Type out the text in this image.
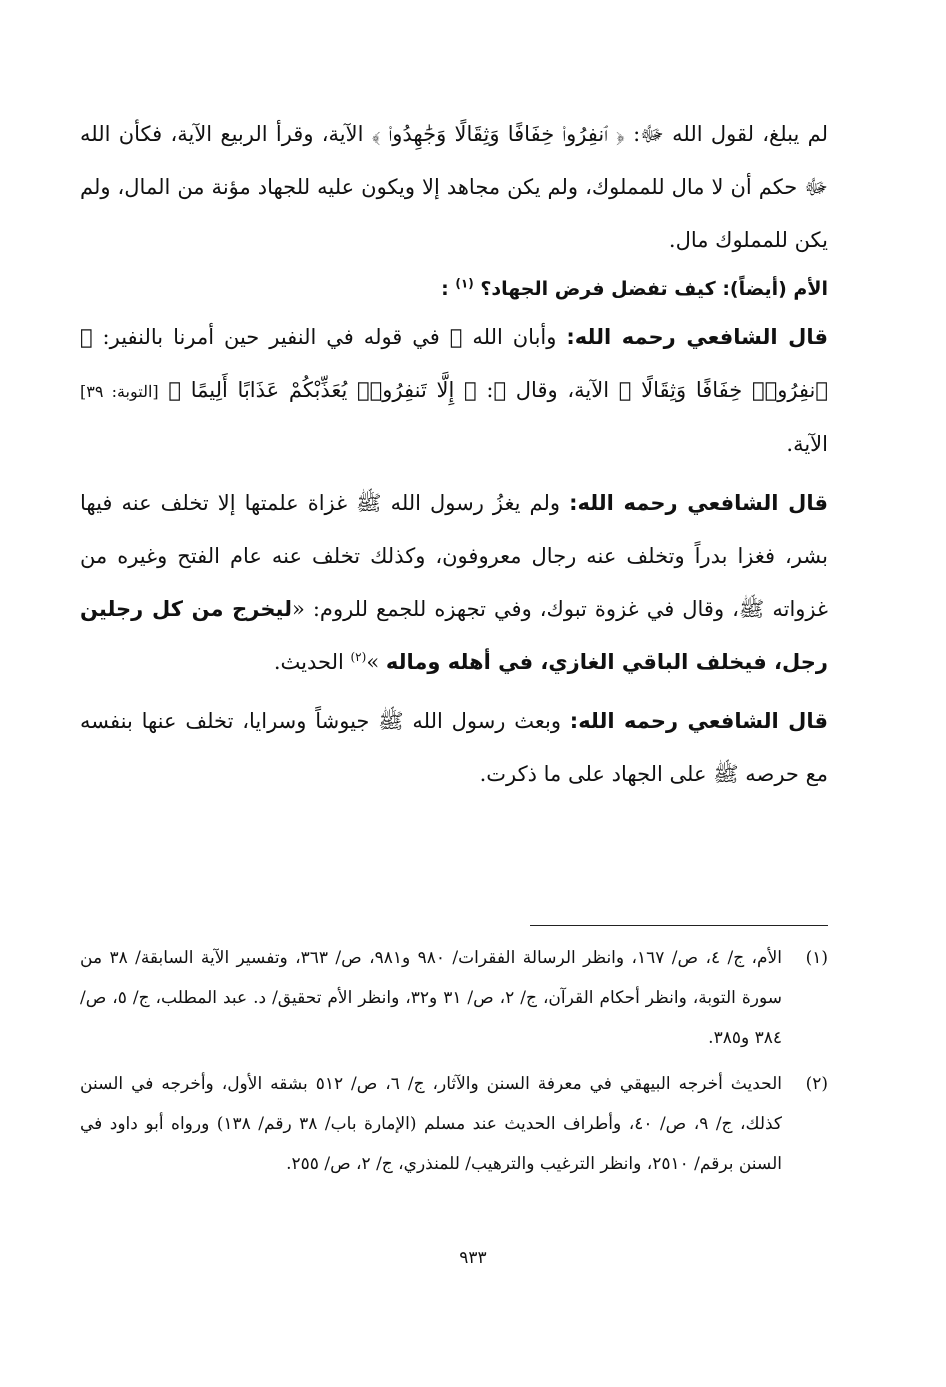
لم يبلغ، لقول الله ﷻ: ﴿ ٱنفِرُوا۟ خِفَافًا وَثِقَالًا وَجَٰهِدُوا۟ ﴾ الآية، وقرأ الربيع الآية، فكأن الله ﷻ حكم أن لا مال للمملوك، ولم يكن مجاهد إلا ويكون عليه للجهاد مؤنة من المال، ولم يكن للمملوك مال.

الأم (أيضاً): كيف تفضل فرض الجهاد؟ $^{(١)}$ :

قال الشافعي رحمه الله: وأبان الله ﷻ في قوله في النفير حين أمرنا بالنفير: ﴿ ٱنفِرُوا۟ خِفَافًا وَثِقَالًا ﴾ الآية، وقال ﷻ: ﴿ إِلَّا تَنفِرُوا۟ يُعَذِّبْكُمْ عَذَابًا أَلِيمًا ﴾ [التوبة: ٣٩] الآية.

قال الشافعي رحمه الله: ولم يغزُ رسول الله ﷺ غزاة علمتها إلا تخلف عنه فيها بشر، فغزا بدراً وتخلف عنه رجال معروفون، وكذلك تخلف عنه عام الفتح وغيره من غزواته ﷺ، وقال في غزوة تبوك، وفي تجهزه للجمع للروم: «ليخرج من كل رجلين رجل، فيخلف الباقي الغازي، في أهله وماله »$^{(٢)}$ الحديث.

قال الشافعي رحمه الله: وبعث رسول الله ﷺ جيوشاً وسرايا، تخلف عنها بنفسه مع حرصه ﷺ على الجهاد على ما ذكرت.

(١)
الأم، ج/ ٤، ص/ ١٦٧، وانظر الرسالة الفقرات/ ٩٨٠ و٩٨١، ص/ ٣٦٣، وتفسير الآية السابقة/ ٣٨ من سورة التوبة، وانظر أحكام القرآن، ج/ ٢، ص/ ٣١ و٣٢، وانظر الأم تحقيق/ د. عبد المطلب، ج/ ٥، ص/ ٣٨٤ و٣٨٥.
(٢)
الحديث أخرجه البيهقي في معرفة السنن والآثار، ج/ ٦، ص/ ٥١٢ بشقه الأول، وأخرجه في السنن كذلك، ج/ ٩، ص/ ٤٠، وأطراف الحديث عند مسلم (الإمارة باب/ ٣٨ رقم/ ١٣٨) ورواه أبو داود في السنن برقم/ ٢٥١٠، وانظر الترغيب والترهيب/ للمنذري، ج/ ٢، ص/ ٢٥٥.
٩٣٣
